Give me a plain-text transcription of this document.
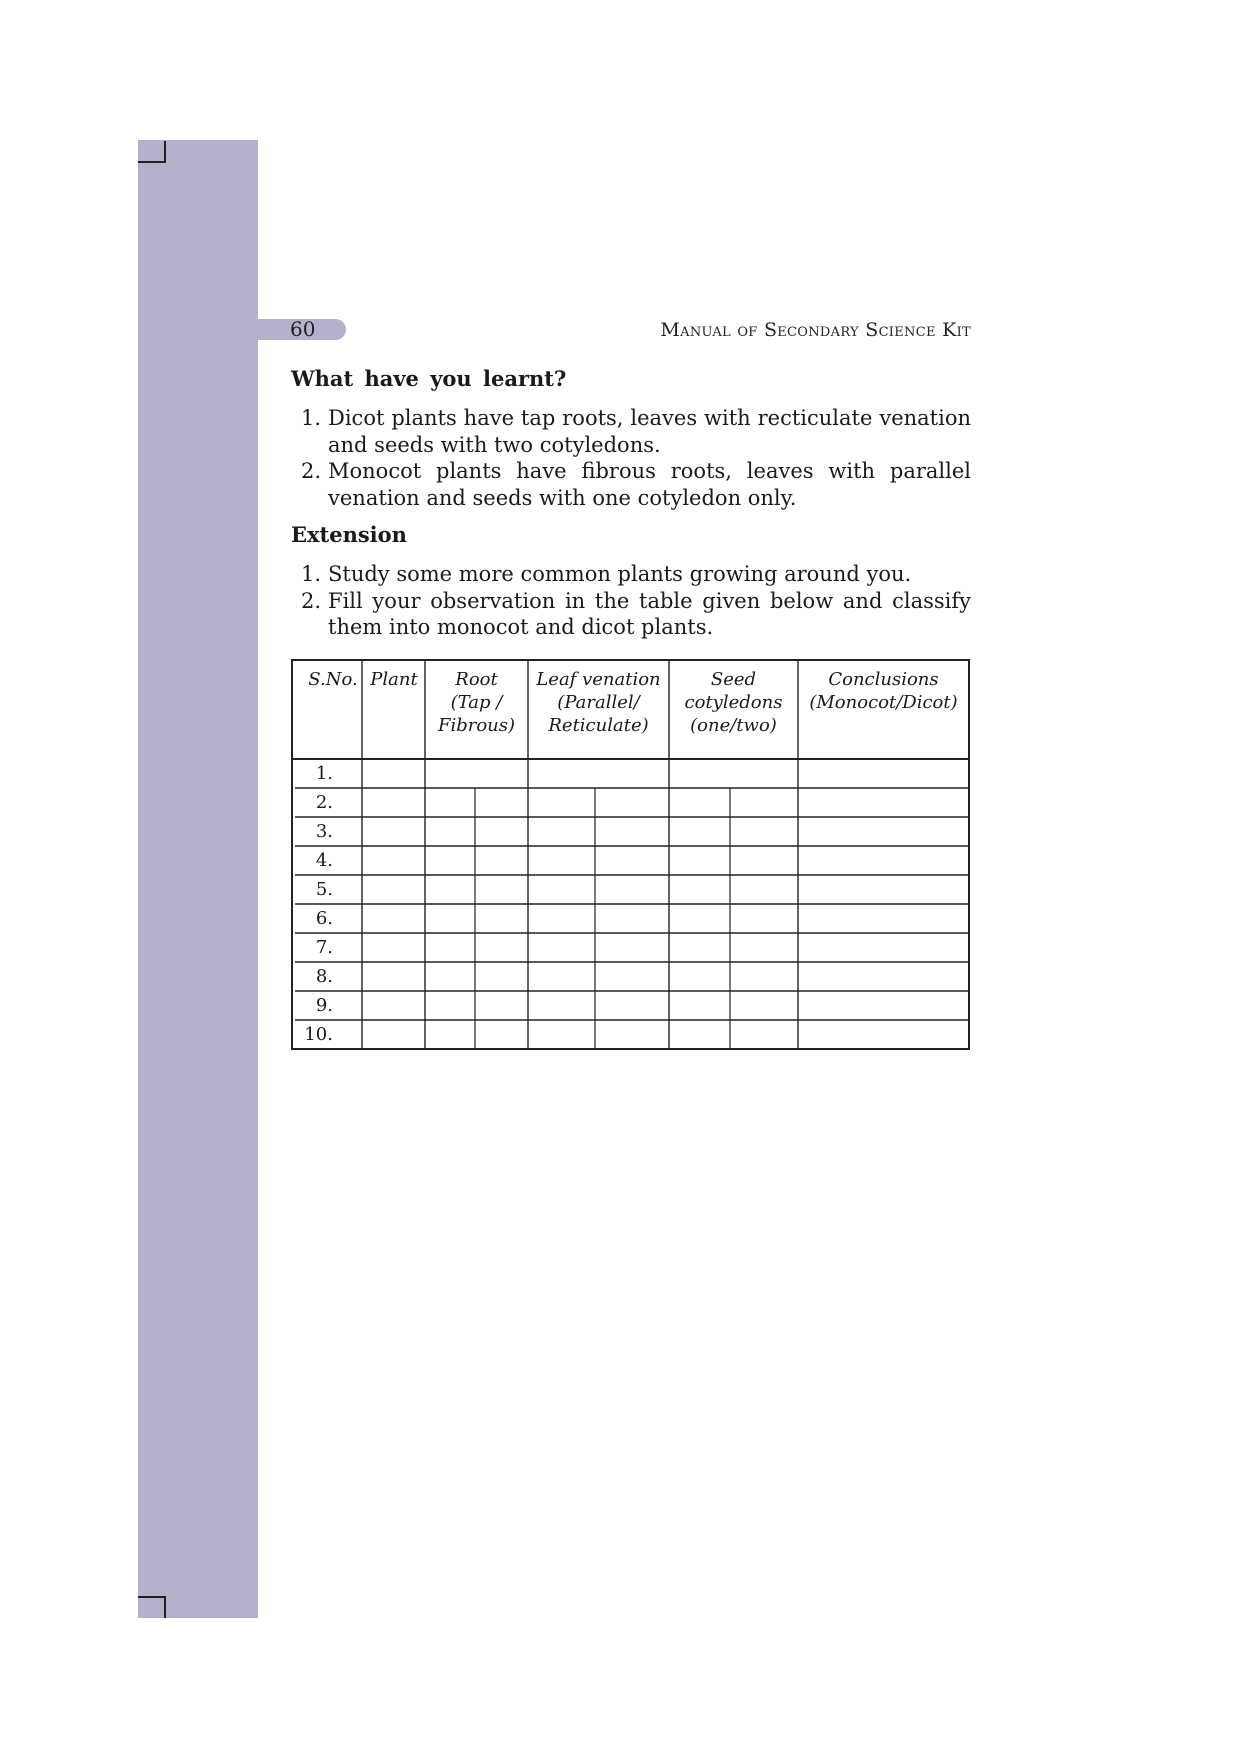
60	Manual of Secondary Science Kit
What have you learnt?
1. Dicot plants have tap roots, leaves with recticulate venation and seeds with two cotyledons.
2. Monocot plants have fibrous roots, leaves with parallel venation and seeds with one cotyledon only.
Extension
1. Study some more common plants growing around you.
2. Fill your observation in the table given below and classify them into monocot and dicot plants.
S.No. Plant	Root
(Tap /
Fibrous)
Leaf venation
(Parallel/
Reticulate)
Seed
cotyledons
(one/two)
Conclusions
(Monocot/Dicot)
1.
2.
3.
4.
5.
6.
7.
8.
9.
10.
